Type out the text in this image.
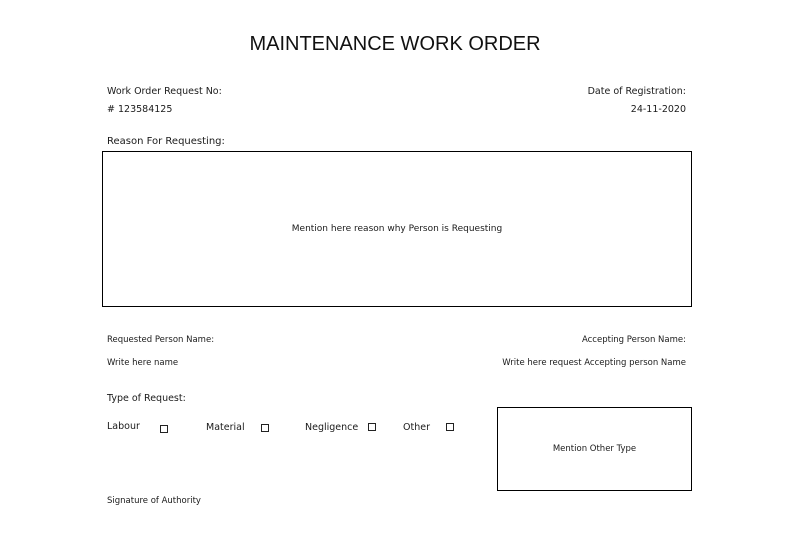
MAINTENANCE WORK ORDER
Work Order Request No:
# 123584125
Date of Registration:
24-11-2020
Reason For Requesting:
Mention here reason why Person is Requesting
Requested Person Name:
Write here name
Accepting Person Name:
Write here request Accepting person Name
Type of Request:
Labour	Material	Negligence	Other
Mention Other Type
Signature of Authority
